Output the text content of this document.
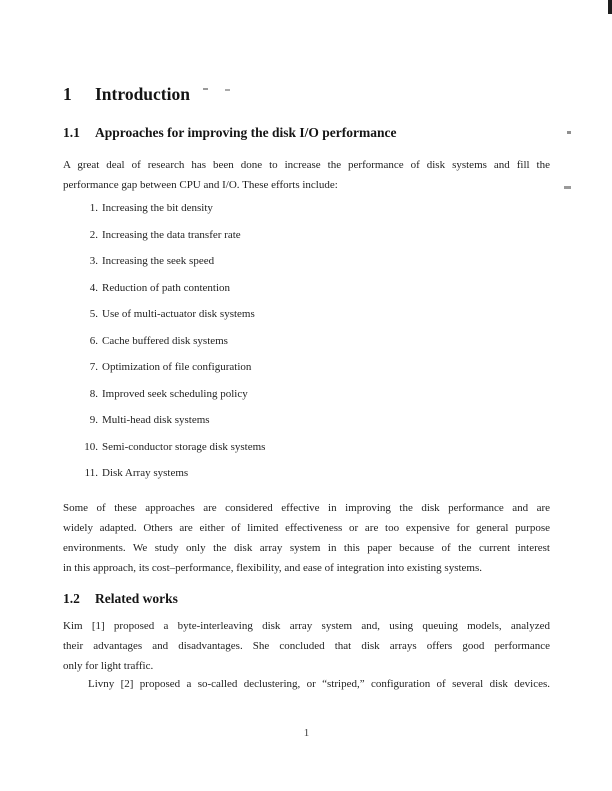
1 Introduction
1.1 Approaches for improving the disk I/O performance
A great deal of research has been done to increase the performance of disk systems and fill the
performance gap between CPU and I/O. These efforts include:
1. Increasing the bit density
2. Increasing the data transfer rate
3. Increasing the seek speed
4. Reduction of path contention
5. Use of multi-actuator disk systems
6. Cache buffered disk systems
7. Optimization of file configuration
8. Improved seek scheduling policy
9. Multi-head disk systems
10. Semi-conductor storage disk systems
11. Disk Array systems
Some of these approaches are considered effective in improving the disk performance and are
widely adapted. Others are either of limited effectiveness or are too expensive for general purpose
environments. We study only the disk array system in this paper because of the current interest
in this approach, its cost–performance, flexibility, and ease of integration into existing systems.
1.2 Related works
Kim [1] proposed a byte-interleaving disk array system and, using queuing models, analyzed
their advantages and disadvantages. She concluded that disk arrays offers good performance
only for light traffic.
Livny [2] proposed a so-called declustering, or “striped,” configuration of several disk devices.
1
